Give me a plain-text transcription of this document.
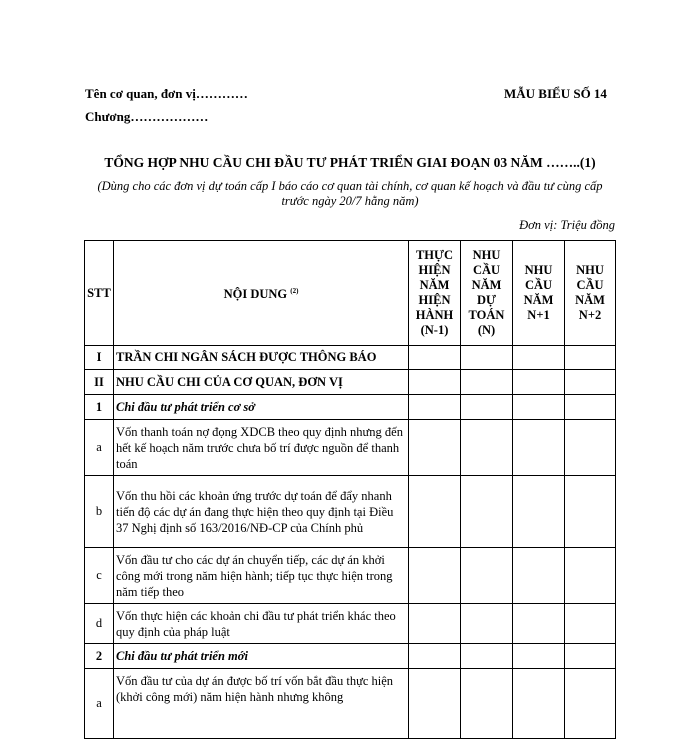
Tên cơ quan, đơn vị…………
Chương………………
MẪU BIỂU SỐ 14
TỔNG HỢP NHU CẦU CHI ĐẦU TƯ PHÁT TRIỂN GIAI ĐOẠN 03 NĂM ……..(1)
(Dùng cho các đơn vị dự toán cấp I báo cáo cơ quan tài chính, cơ quan kế hoạch và đầu tư cùng cấp trước ngày 20/7 hằng năm)
Đơn vị: Triệu đồng
STT	NỘI DUNG $^{(2)}$	THỰC HIỆN NĂM HIỆN HÀNH (N-1)	NHU CẦU NĂM DỰ TOÁN (N)	NHU CẦU NĂM N+1	NHU CẦU NĂM N+2
I	TRẦN CHI NGÂN SÁCH ĐƯỢC THÔNG BÁO				
II	NHU CẦU CHI CỦA CƠ QUAN, ĐƠN VỊ				
1	Chi đầu tư phát triển cơ sở				
a	Vốn thanh toán nợ đọng XDCB theo quy định nhưng đến hết kế hoạch năm trước chưa bố trí được nguồn để thanh toán				
b	Vốn thu hồi các khoản ứng trước dự toán để đẩy nhanh tiến độ các dự án đang thực hiện theo quy định tại Điều 37 Nghị định số 163/2016/NĐ-CP của Chính phủ				
c	Vốn đầu tư cho các dự án chuyển tiếp, các dự án khởi công mới trong năm hiện hành; tiếp tục thực hiện trong năm tiếp theo				
d	Vốn thực hiện các khoản chi đầu tư phát triển khác theo quy định của pháp luật				
2	Chi đầu tư phát triển mới				
a	Vốn đầu tư của dự án được bố trí vốn bắt đầu thực hiện (khởi công mới) năm hiện hành nhưng không				
